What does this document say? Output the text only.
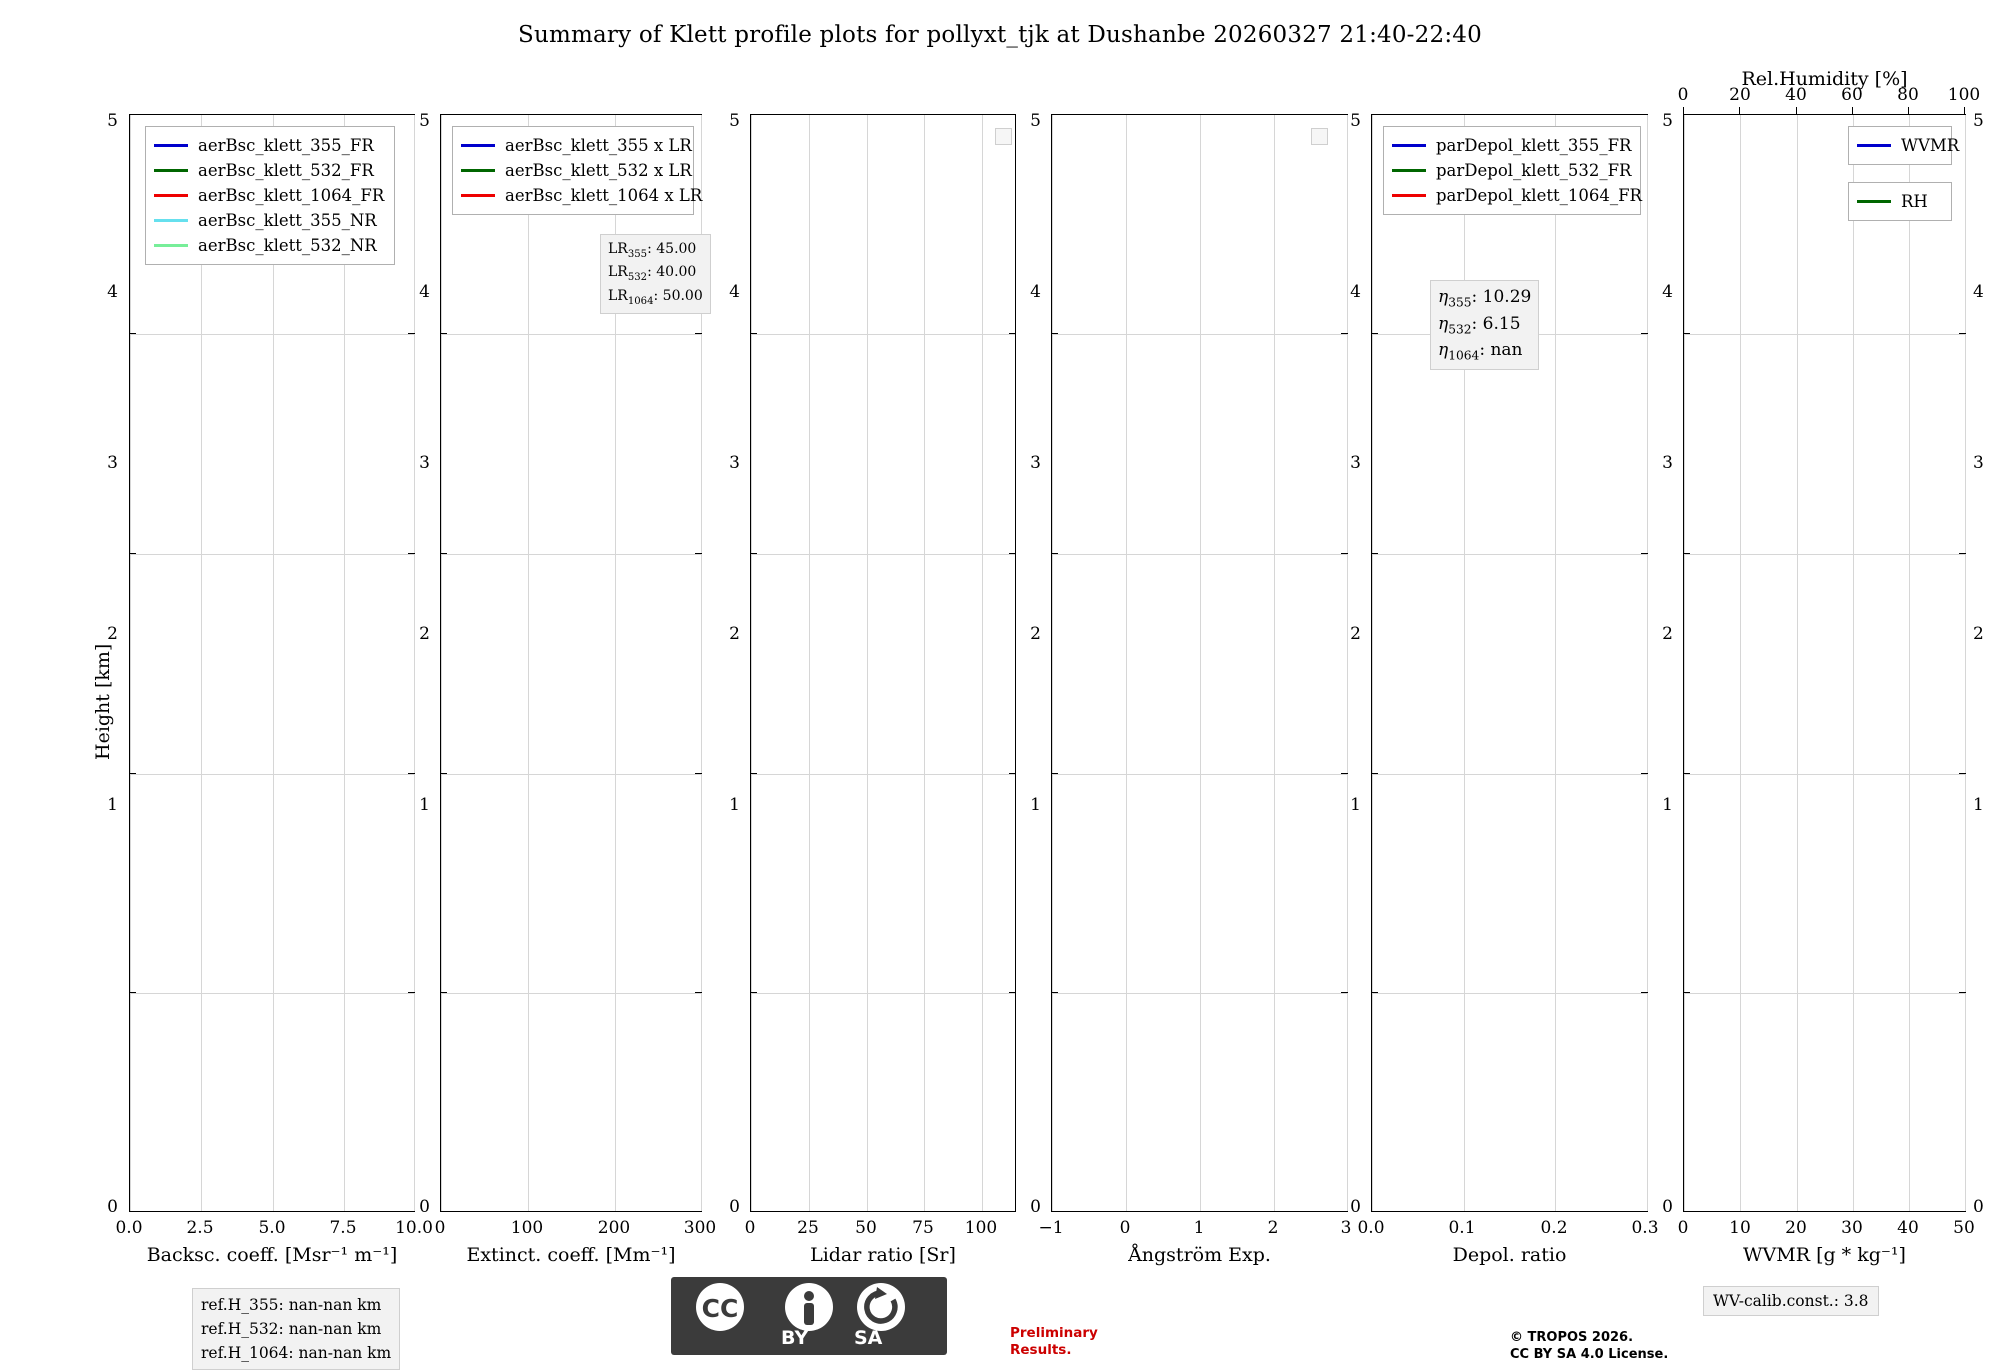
Summary of Klett profile plots for pollyxt_tjk at Dushanbe 20260327 21:40-22:40
Height [km]
5
4
3
2
1
0
0.0	2.5	5.0	7.5	10.0
Backsc. coeff. [Msr⁻¹ m⁻¹]
aerBsc_klett_355_FR
aerBsc_klett_532_FR
aerBsc_klett_1064_FR
aerBsc_klett_355_NR
aerBsc_klett_532_NR
5
4
3
2
1
0
0	100	200	300
Extinct. coeff. [Mm⁻¹]
aerBsc_klett_355 x LR
aerBsc_klett_532 x LR
aerBsc_klett_1064 x LR
$LR_{355}$: 45.00
$LR_{532}$: 40.00
$LR_{1064}$: 50.00
5
4
3
2
1
0
0	25	50	75	100
Lidar ratio [Sr]
5
4
3
2
1
0
−1	0	1	2	3
Ångström Exp.
5
4
3
2
1
0
0.0	0.1	0.2	0.3
Depol. ratio
parDepol_klett_355_FR
parDepol_klett_532_FR
parDepol_klett_1064_FR
$\eta_{355}$: 10.29
$\eta_{532}$: 6.15
$\eta_{1064}$: nan
5
4
3
2
1
0
5
4
3
2
1
0
0	10	20	30	40	50
WVMR [g * kg⁻¹]
Rel.Humidity [%]
0	20	40	60	80	100
WVMR
RH
ref.H_355: nan-nan km
ref.H_532: nan-nan km
ref.H_1064: nan-nan km
WV-calib.const.: 3.8
CC
BY SA	Preliminary
Results.
© TROPOS 2026.
CC BY SA 4.0 License.
